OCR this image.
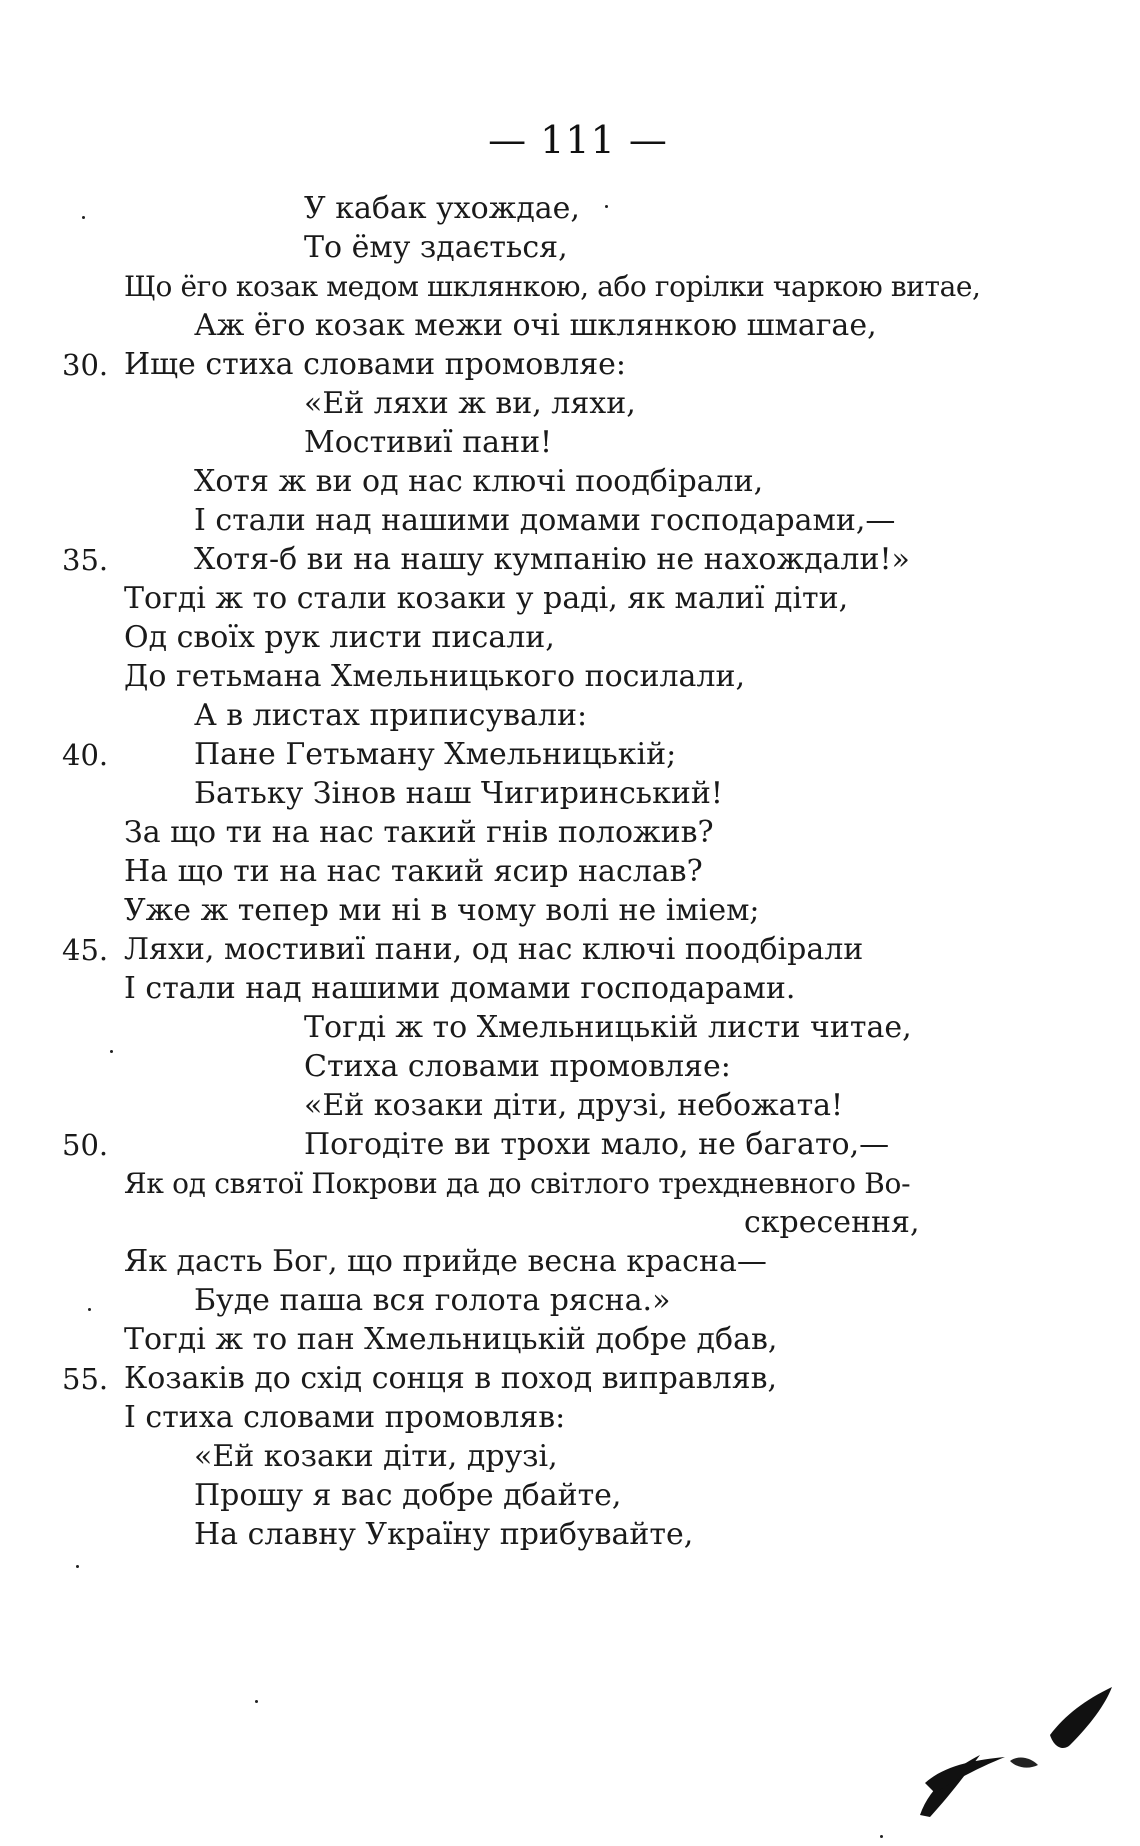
— 111 —
У кабак ухождае,
То ёму здається,
Що ёго козак медом шклянкою, або горілки чаркою витае,
Аж ёго козак межи очі шклянкою шмагае,
30. Ище стиха словами промовляе:
«Ей ляхи ж ви, ляхи,
Мостивиї пани!
Хотя ж ви од нас ключі поодбірали,
І стали над нашими домами господарами,—
35.	Хотя-б ви на нашу кумпанію не нахождали!»
Тогді ж то стали козаки у раді, як малиї діти,
Од своїх рук листи писали,
До гетьмана Хмельницького посилали,
А в листах приписували:
40.	Пане Гетьману Хмельницькій;
Батьку Зінов наш Чигиринський!
За що ти на нас такий гнів положив?
На що ти на нас такий ясир наслав?
Уже ж тепер ми ні в чому волі не іміем;
45. Ляхи, мостивиї пани, од нас ключі поодбірали
І стали над нашими домами господарами.
Тогді ж то Хмельницькій листи читае,
Стиха словами промовляе:
«Ей козаки діти, друзі, небожата!
50.	Погодіте ви трохи мало, не багато,—
Як од святої Покрови да до світлого трехдневного Во-
скресення,
Як дасть Бог, що прийде весна красна—
Буде паша вся голота рясна.»
Тогді ж то пан Хмельницькій добре дбав,
55. Козаків до схід сонця в поход виправляв,
І стиха словами промовляв:
«Ей козаки діти, друзі,
Прошу я вас добре дбайте,
На славну Україну прибувайте,
